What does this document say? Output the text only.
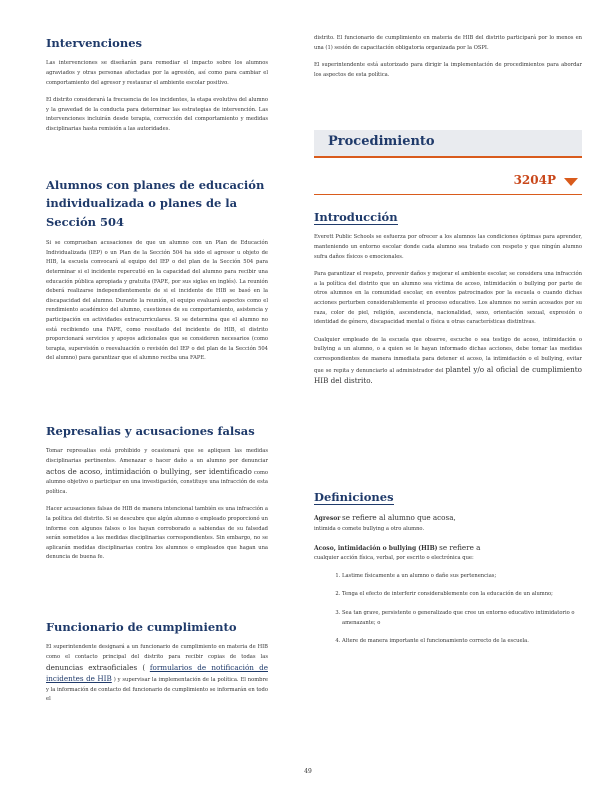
Intervenciones

Las intervenciones se diseñarán para remediar el impacto sobre los alumnos agraviados y otras personas afectadas por la agresión, así como para cambiar el comportamiento del agresor y restaurar el ambiente escolar positivo.

El distrito considerará la frecuencia de los incidentes, la etapa evolutiva del alumno y la gravedad de la conducta para determinar las estrategias de intervención. Las intervenciones incluirán desde terapia, corrección del comportamiento y medidas disciplinarias hasta remisión a las autoridades.

Alumnos con planes de educación
individualizada o planes de la Sección 504

Si se comprueban acusaciones de que un alumno con un Plan de Educación Individualizada (IEP) o un Plan de la Sección 504 ha sido el agresor u objeto de HIB, la escuela convocará al equipo del IEP o del plan de la Sección 504 para determinar si el incidente repercutió en la capacidad del alumno para recibir una educación pública apropiada y gratuita (FAPE, por sus siglas en inglés). La reunión deberá realizarse independientemente de si el incidente de HIB se basó en la discapacidad del alumno. Durante la reunión, el equipo evaluará aspectos como el rendimiento académico del alumno, cuestiones de su comportamiento, asistencia y participación en actividades extracurriculares. Si se determina que el alumno no está recibiendo una FAPE, como resultado del incidente de HIB, el distrito proporcionará servicios y apoyos adicionales que se consideren necesarios (como terapia, supervisión o reevaluación o revisión del IEP o del plan de la Sección 504 del alumno) para garantizar que el alumno reciba una FAPE.

Represalias y acusaciones falsas

Tomar represalias está prohibido y ocasionará que se apliquen las medidas disciplinarias pertinentes. Amenazar o hacer daño a un alumno por denunciar actos de acoso, intimidación o bullying, ser identificado como alumno objetivo o participar en una investigación, constituye una infracción de esta política.

Hacer acusaciones falsas de HIB de manera intencional también es una infracción a la política del distrito. Si se descubre que algún alumno o empleado proporcionó un informe con algunos falsos o los hayan corroborado a sabiendas de su falsedad serán sometidos a las medidas disciplinarias correspondientes. Sin embargo, no se aplicarán medidas disciplinarias contra los alumnos o empleados que hagan una denuncia de buena fe.

Funcionario de cumplimiento

El superintendente designará a un funcionario de cumplimiento en materia de HIB como el contacto principal del distrito para recibir copias de todas las denuncias extraoficiales ( formularios de notificación de incidentes de HIB ) y supervisar la implementación de la política. El nombre y la información de contacto del funcionario de cumplimiento se informarán en todo el

distrito. El funcionario de cumplimiento en materia de HIB del distrito participará por lo menos en una (1) sesión de capacitación obligatoria organizada por la OSPI.

El superintendente está autorizado para dirigir la implementación de procedimientos para abordar los aspectos de esta política.

Procedimiento
3204P
Introducción

Everett Public Schools se esfuerza por ofrecer a los alumnos las condiciones óptimas para aprender, manteniendo un entorno escolar donde cada alumno sea tratado con respeto y que ningún alumno sufra daños físicos o emocionales.

Para garantizar el respeto, prevenir daños y mejorar el ambiente escolar, se considera una infracción a la política del distrito que un alumno sea víctima de acoso, intimidación o bullying por parte de otros alumnos en la comunidad escolar, en eventos patrocinados por la escuela o cuando dichas acciones perturben considerablemente el proceso educativo. Los alumnos no serán acosados por su raza, color de piel, religión, ascendencia, nacionalidad, sexo, orientación sexual, expresión o identidad de género, discapacidad mental o física u otras características distintivas.

Cualquier empleado de la escuela que observe, escuche o sea testigo de acoso, intimidación o bullying a un alumno, o a quien se le hayan informado dichas acciones, debe tomar las medidas correspondientes de manera inmediata para detener el acoso, la intimidación o el bullying, evitar que se repita y denunciarlo al administrador del plantel y/o al oficial de cumplimiento HIB del distrito.

Definiciones
Agresor se refiere al alumno que acosa,
intimida o comete bullying a otro alumno.
Acoso, intimidación o bullying (HIB) se refiere a
cualquier acción física, verbal, por escrito o electrónica que:
1. Lastime físicamente a un alumno o dañe sus pertenencias;
2. Tenga el efecto de interferir considerablemente con la educación de un alumno;
3. Sea tan grave, persistente o generalizado que cree un entorno educativo intimidatorio o amenazante; o
4. Altere de manera importante el funcionamiento correcto de la escuela.
49
